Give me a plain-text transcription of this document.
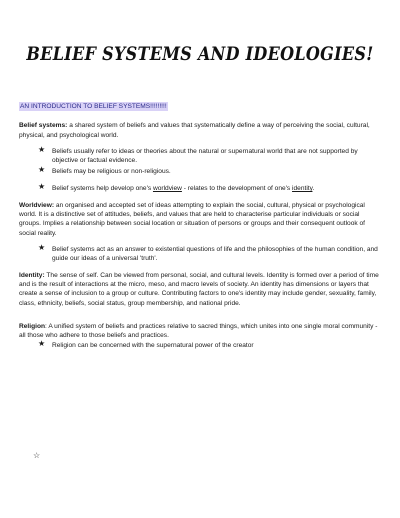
BELIEF SYSTEMS AND IDEOLOGIES!
AN INTRODUCTION TO BELIEF SYSTEMS!!!!!!!!!

Belief systems: a shared system of beliefs and values that systematically define a way of perceiving the social, cultural, physical, and psychological world.

★ Beliefs usually refer to ideas or theories about the natural or supernatural world that are not supported by objective or factual evidence.
★ Beliefs may be religious or non-religious.
★ Belief systems help develop one's worldview - relates to the development of one's identity.

Worldview: an organised and accepted set of ideas attempting to explain the social, cultural, physical or psychological world. It is a distinctive set of attitudes, beliefs, and values that are held to characterise particular individuals or social groups. Implies a relationship between social location or situation of persons or groups and their consequent outlook of social reality.

★ Belief systems act as an answer to existential questions of life and the philosophies of the human condition, and guide our ideas of a universal 'truth'.

Identity: The sense of self. Can be viewed from personal, social, and cultural levels. Identity is formed over a period of time and is the result of interactions at the micro, meso, and macro levels of society. An identity has dimensions or layers that create a sense of inclusion to a group or culture. Contributing factors to one's identity may include gender, sexuality, family, class, ethnicity, beliefs, social status, group membership, and national pride.

Religion: A unified system of beliefs and practices relative to sacred things, which unites into one single moral community - all those who adhere to those beliefs and practices.

★ Religion can be concerned with the supernatural power of the creator
☆
